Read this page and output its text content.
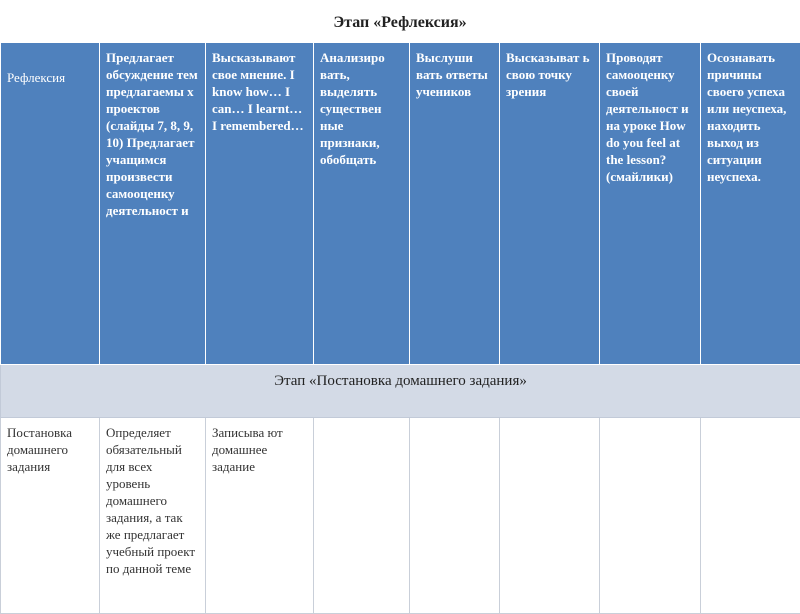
Этап «Рефлексия»
Рефлексия	Предлагает обсуждение тем предлагаемы х проектов (слайды 7, 8, 9, 10) Предлагает учащимся произвести самооценку деятельност и	Высказывают свое мнение. I know how… I can… I learnt… I remembered…	Анализиро вать, выделять существен ные признаки, обобщать	Выслуши вать ответы учеников	Высказыват ь свою точку зрения	Проводят самооценку своей деятельност и на уроке How do you feel at the lesson? (смайлики)	Осознавать причины своего успеха или неуспеха, находить выход из ситуации неуспеха.
Этап «Постановка домашнего задания»							
Постановка домашнего задания	Определяет обязательный для всех уровень домашнего задания, а так же предлагает учебный проект по данной теме	Записыва ют домашнее задание					
